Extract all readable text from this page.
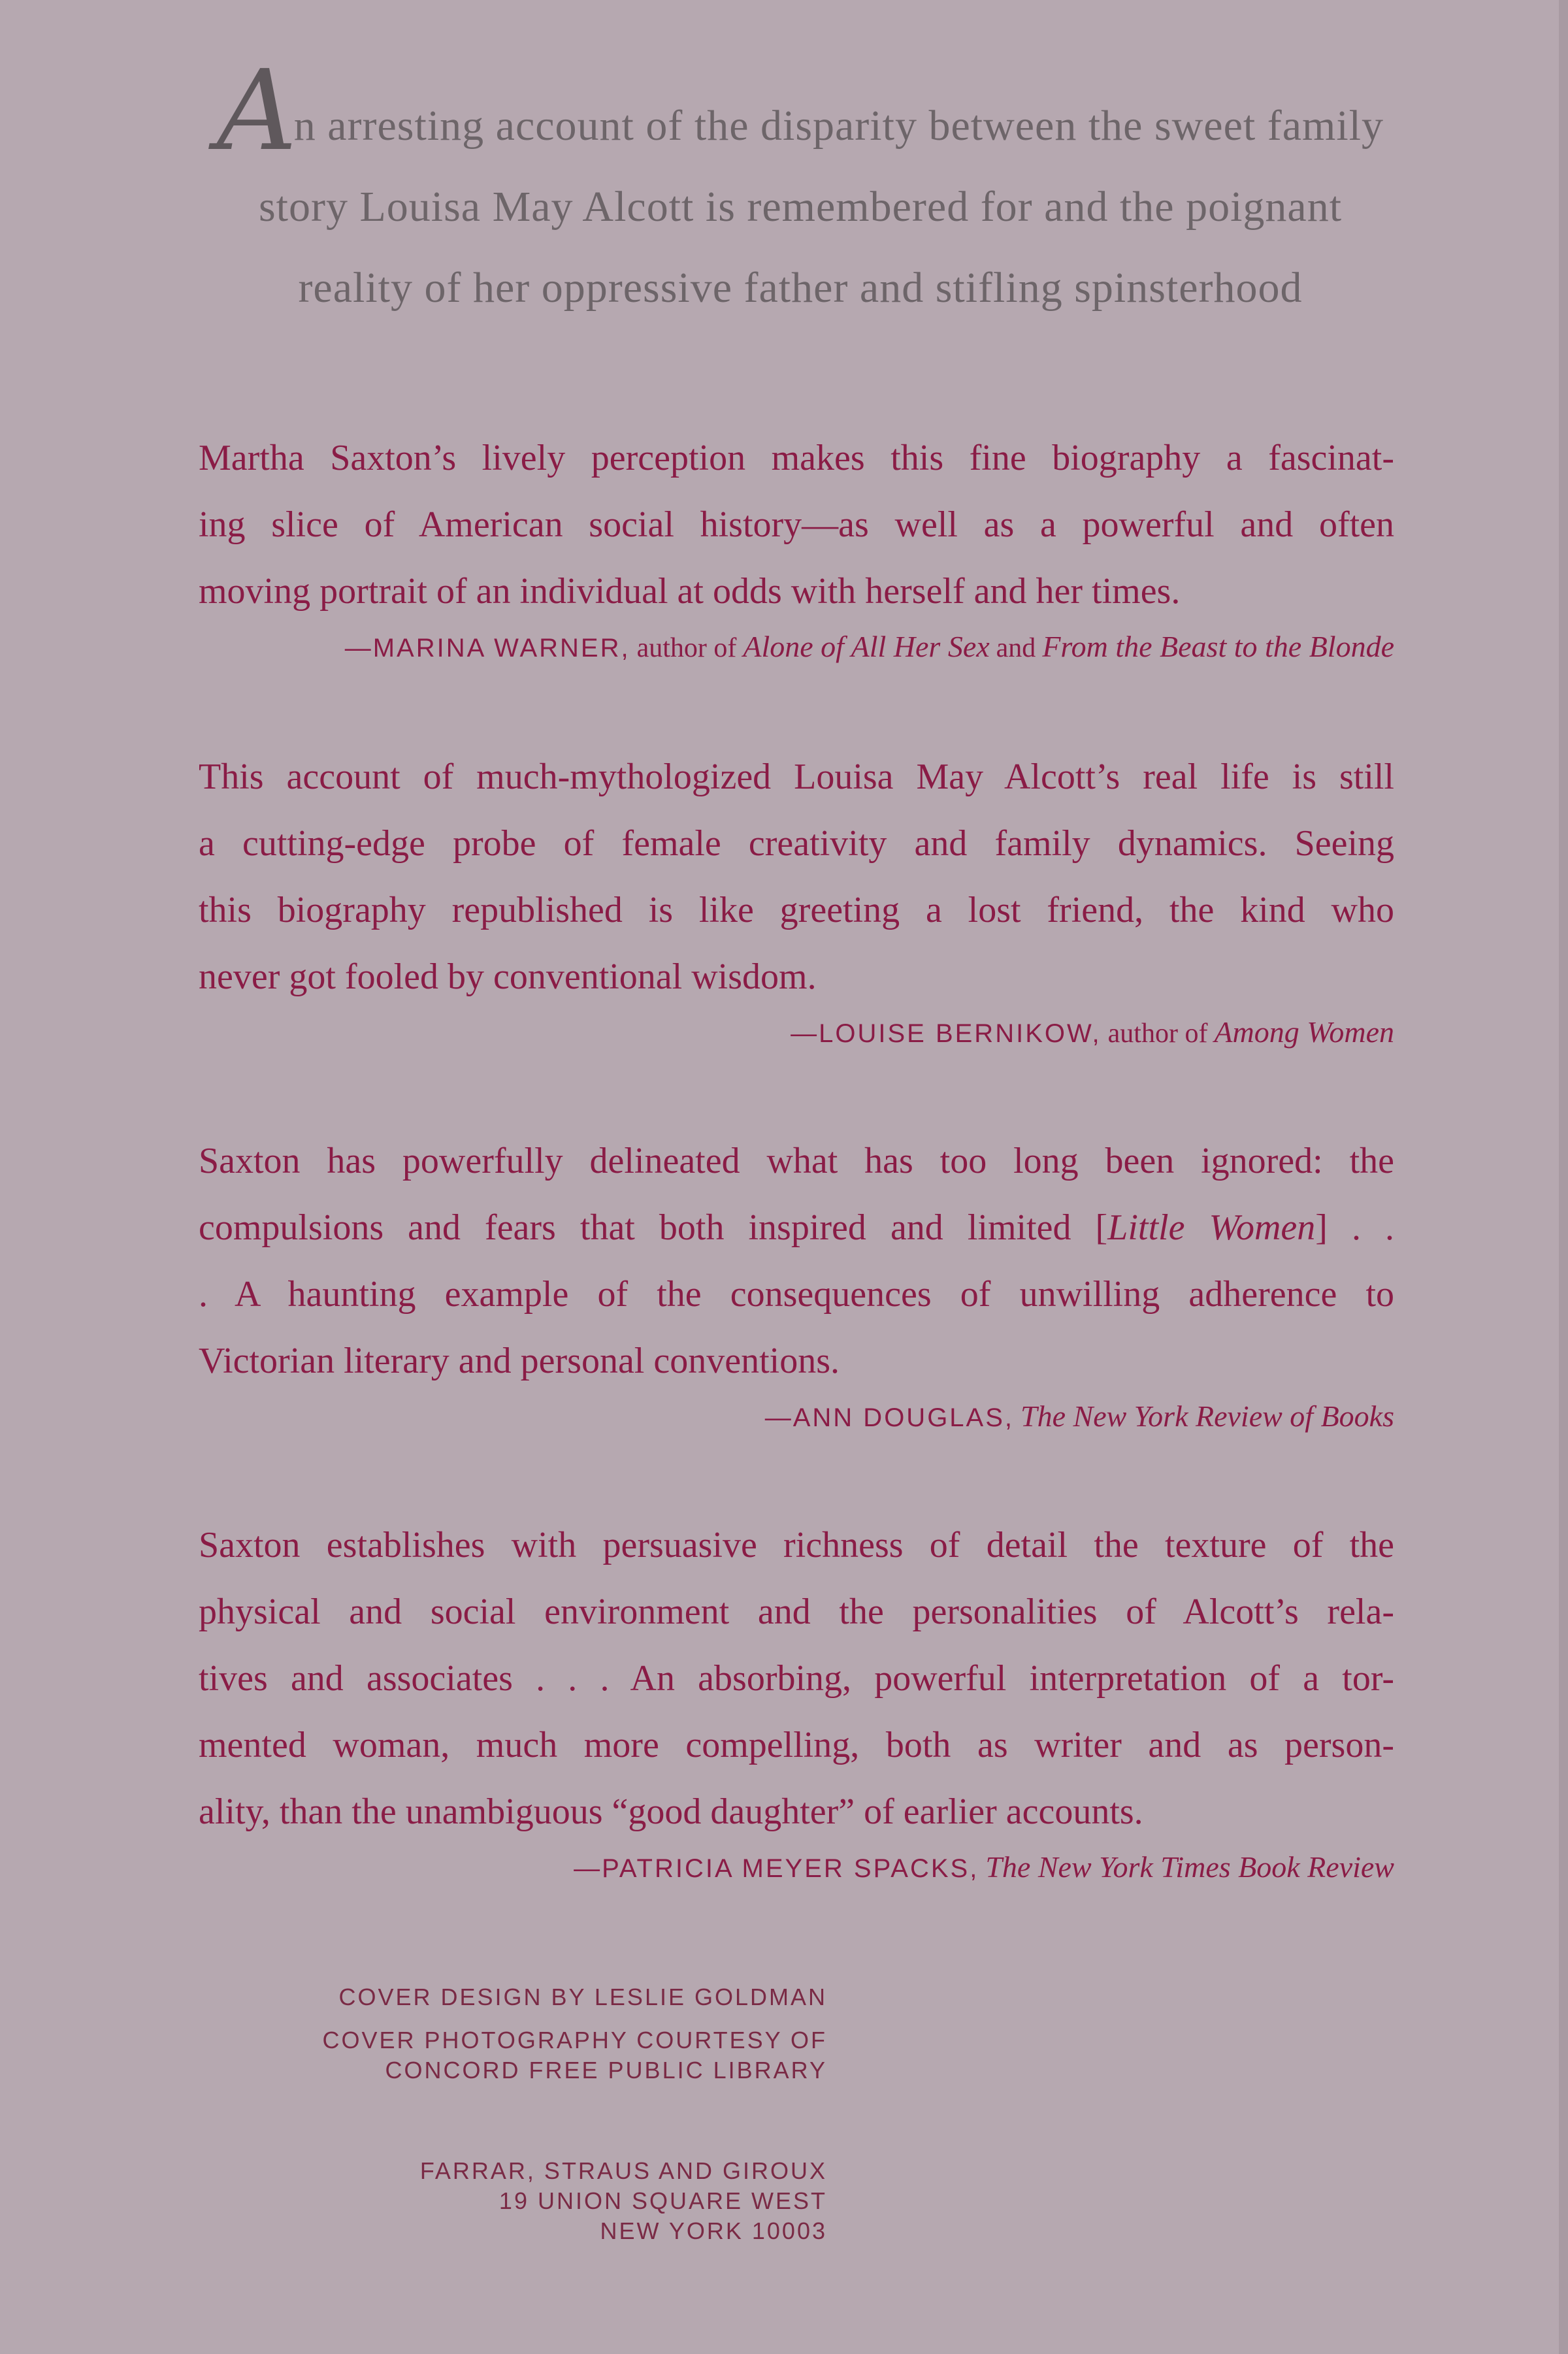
An arresting account of the disparity between the sweet family
story Louisa May Alcott is remembered for and the poignant
reality of her oppressive father and stifling spinsterhood

Martha Saxton’s lively perception makes this fine biography a fascinat-
ing slice of American social history—as well as a powerful and often
moving portrait of an individual at odds with herself and her times.

—MARINA WARNER, author of Alone of All Her Sex and From the Beast to the Blonde

This account of much-mythologized Louisa May Alcott’s real life is still
a cutting-edge probe of female creativity and family dynamics. Seeing
this biography republished is like greeting a lost friend, the kind who
never got fooled by conventional wisdom.

—LOUISE BERNIKOW, author of Among Women

Saxton has powerfully delineated what has too long been ignored: the
compulsions and fears that both inspired and limited [Little Women] . .
. A haunting example of the consequences of unwilling adherence to
Victorian literary and personal conventions.

—ANN DOUGLAS, The New York Review of Books

Saxton establishes with persuasive richness of detail the texture of the
physical and social environment and the personalities of Alcott’s rela-
tives and associates . . . An absorbing, powerful interpretation of a tor-
mented woman, much more compelling, both as writer and as person-
ality, than the unambiguous “good daughter” of earlier accounts.

—PATRICIA MEYER SPACKS, The New York Times Book Review
COVER DESIGN BY LESLIE GOLDMAN
COVER PHOTOGRAPHY COURTESY OF
CONCORD FREE PUBLIC LIBRARY
FARRAR, STRAUS AND GIROUX
19 UNION SQUARE WEST
NEW YORK 10003
